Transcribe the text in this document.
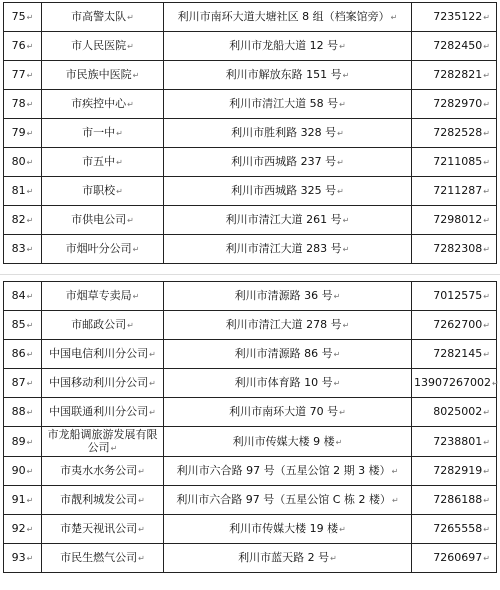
75↵	市高警太队↵	利川市南环大道大塘社区 8 组（档案馆旁）↵	7235122↵
76↵	市人民医院↵	利川市龙船大道 12 号↵	7282450↵
77↵	市民族中医院↵	利川市解放东路 151 号↵	7282821↵
78↵	市疾控中心↵	利川市清江大道 58 号↵	7282970↵
79↵	市一中↵	利川市胜利路 328 号↵	7282528↵
80↵	市五中↵	利川市西城路 237 号↵	7211085↵
81↵	市职校↵	利川市西城路 325 号↵	7211287↵
82↵	市供电公司↵	利川市清江大道 261 号↵	7298012↵
83↵	市烟叶分公司↵	利川市清江大道 283 号↵	7282308↵
84↵	市烟草专卖局↵	利川市清源路 36 号↵	7012575↵
85↵	市邮政公司↵	利川市清江大道 278 号↵	7262700↵
86↵	中国电信利川分公司↵	利川市清源路 86 号↵	7282145↵
87↵	中国移动利川分公司↵	利川市体育路 10 号↵	13907267002↵
88↵	中国联通利川分公司↵	利川市南环大道 70 号↵	8025002↵
89↵	市龙船调旅游发展有限公司↵	利川市传媒大楼 9 楼↵	7238801↵
90↵	市夷水水务公司↵	利川市六合路 97 号（五星公馆 2 期 3 楼）↵	7282919↵
91↵	市靓利城发公司↵	利川市六合路 97 号（五星公馆 C 栋 2 楼）↵	7286188↵
92↵	市楚天视讯公司↵	利川市传媒大楼 19 楼↵	7265558↵
93↵	市民生燃气公司↵	利川市蓝天路 2 号↵	7260697↵
